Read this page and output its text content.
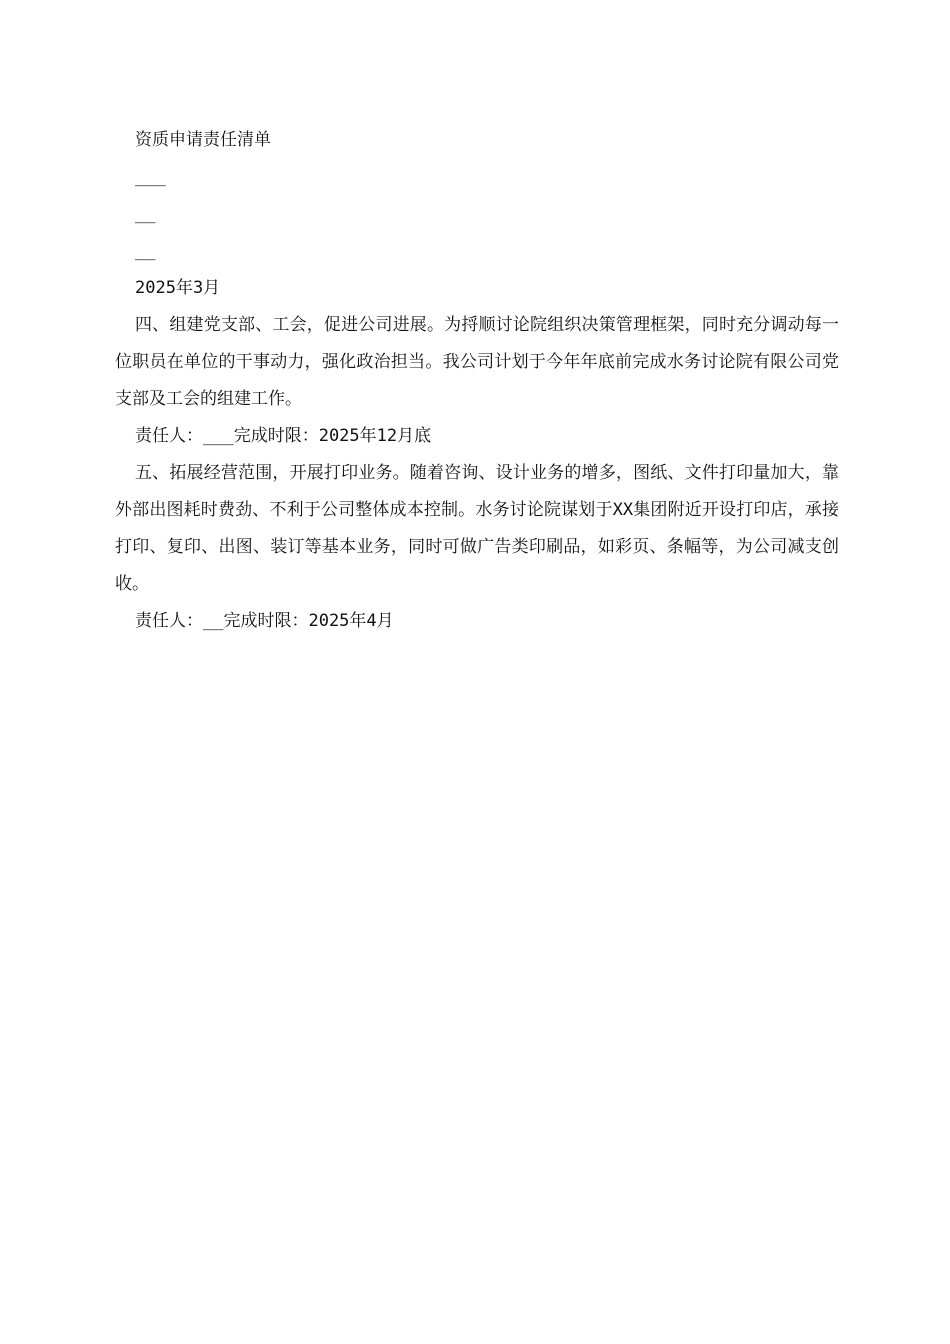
资质申请责任清单
___
__
__
2025年3月
四、组建党支部、工会，促进公司进展。为捋顺讨论院组织决策管理框架，同时充分调动每一位职员在单位的干事动力，强化政治担当。我公司计划于今年年底前完成水务讨论院有限公司党支部及工会的组建工作。
责任人：___完成时限：2025年12月底
五、拓展经营范围，开展打印业务。随着咨询、设计业务的增多，图纸、文件打印量加大，靠外部出图耗时费劲、不利于公司整体成本控制。水务讨论院谋划于XX集团附近开设打印店，承接打印、复印、出图、装订等基本业务，同时可做广告类印刷品，如彩页、条幅等，为公司减支创收。
责任人：__完成时限：2025年4月
